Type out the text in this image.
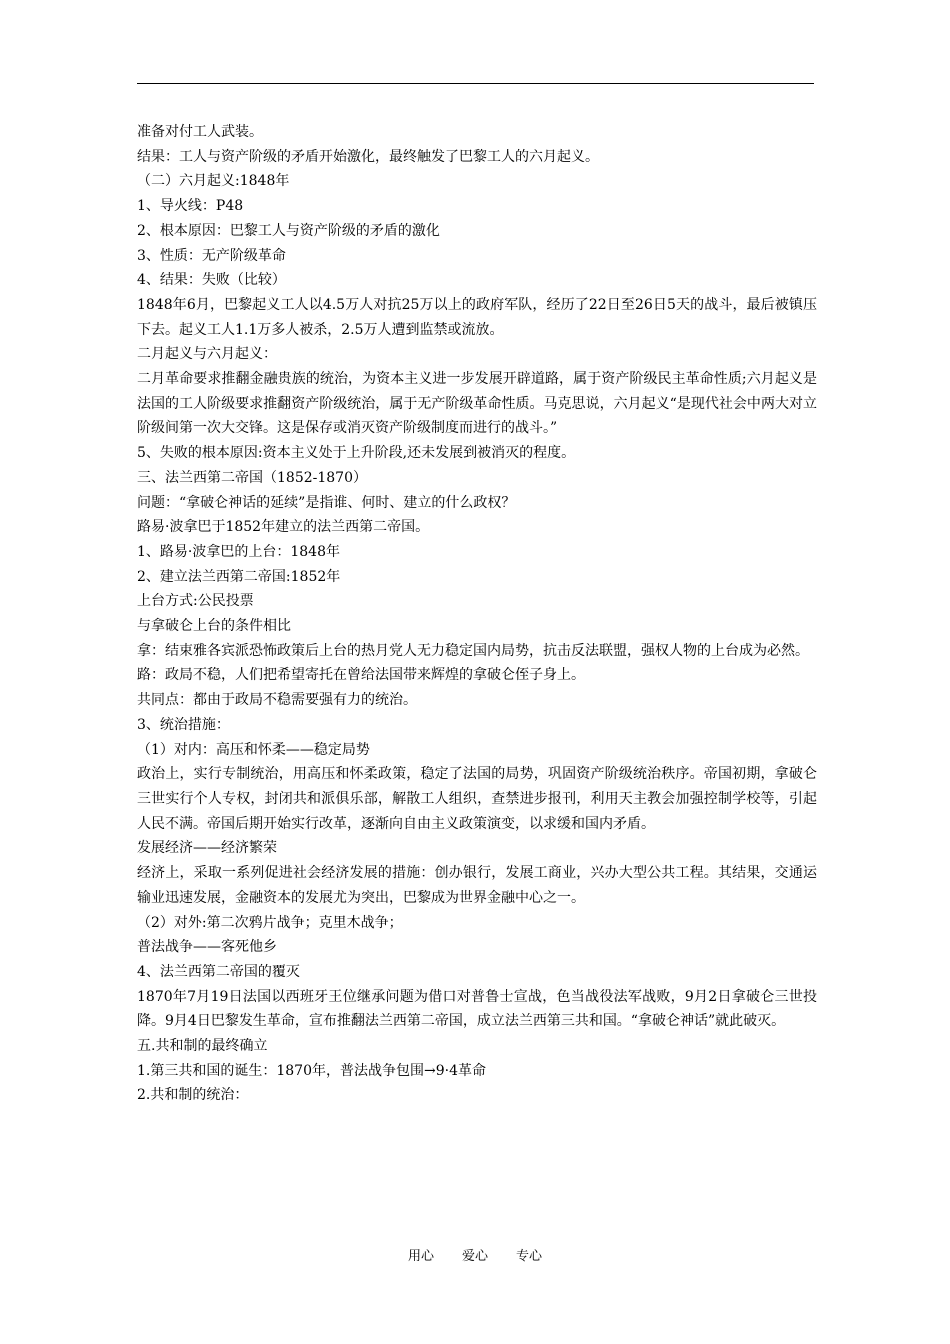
准备对付工人武装。

结果：工人与资产阶级的矛盾开始激化，最终触发了巴黎工人的六月起义。

（二）六月起义:1848年

1、导火线：P48

2、根本原因：巴黎工人与资产阶级的矛盾的激化

3、性质：无产阶级革命

4、结果：失败（比较）

1848年6月，巴黎起义工人以4.5万人对抗25万以上的政府军队，经历了22日至26日5天的战斗，最后被镇压下去。起义工人1.1万多人被杀，2.5万人遭到监禁或流放。

二月起义与六月起义：

二月革命要求推翻金融贵族的统治，为资本主义进一步发展开辟道路，属于资产阶级民主革命性质;六月起义是法国的工人阶级要求推翻资产阶级统治，属于无产阶级革命性质。马克思说，六月起义“是现代社会中两大对立阶级间第一次大交锋。这是保存或消灭资产阶级制度而进行的战斗。”

5、失败的根本原因:资本主义处于上升阶段,还未发展到被消灭的程度。

三、法兰西第二帝国（1852-1870）

问题：“拿破仑神话的延续”是指谁、何时、建立的什么政权？

路易·波拿巴于1852年建立的法兰西第二帝国。

1、路易·波拿巴的上台：1848年

2、建立法兰西第二帝国:1852年

上台方式:公民投票

与拿破仑上台的条件相比

拿：结束雅各宾派恐怖政策后上台的热月党人无力稳定国内局势，抗击反法联盟，强权人物的上台成为必然。

路：政局不稳，人们把希望寄托在曾给法国带来辉煌的拿破仑侄子身上。

共同点：都由于政局不稳需要强有力的统治。

3、统治措施：

（1）对内：高压和怀柔——稳定局势

政治上，实行专制统治，用高压和怀柔政策，稳定了法国的局势，巩固资产阶级统治秩序。帝国初期，拿破仑三世实行个人专权，封闭共和派俱乐部，解散工人组织，查禁进步报刊，利用天主教会加强控制学校等，引起人民不满。帝国后期开始实行改革，逐渐向自由主义政策演变，以求缓和国内矛盾。

发展经济——经济繁荣

经济上，采取一系列促进社会经济发展的措施：创办银行，发展工商业，兴办大型公共工程。其结果，交通运输业迅速发展，金融资本的发展尤为突出，巴黎成为世界金融中心之一。

（2）对外:第二次鸦片战争；克里木战争；

普法战争——客死他乡

4、法兰西第二帝国的覆灭

1870年7月19日法国以西班牙王位继承问题为借口对普鲁士宣战，色当战役法军战败，9月2日拿破仑三世投降。9月4日巴黎发生革命，宣布推翻法兰西第二帝国，成立法兰西第三共和国。“拿破仑神话”就此破灭。

五.共和制的最终确立

1.第三共和国的诞生：1870年，普法战争包围→9·4革命

2.共和制的统治：

用心 爱心 专心
